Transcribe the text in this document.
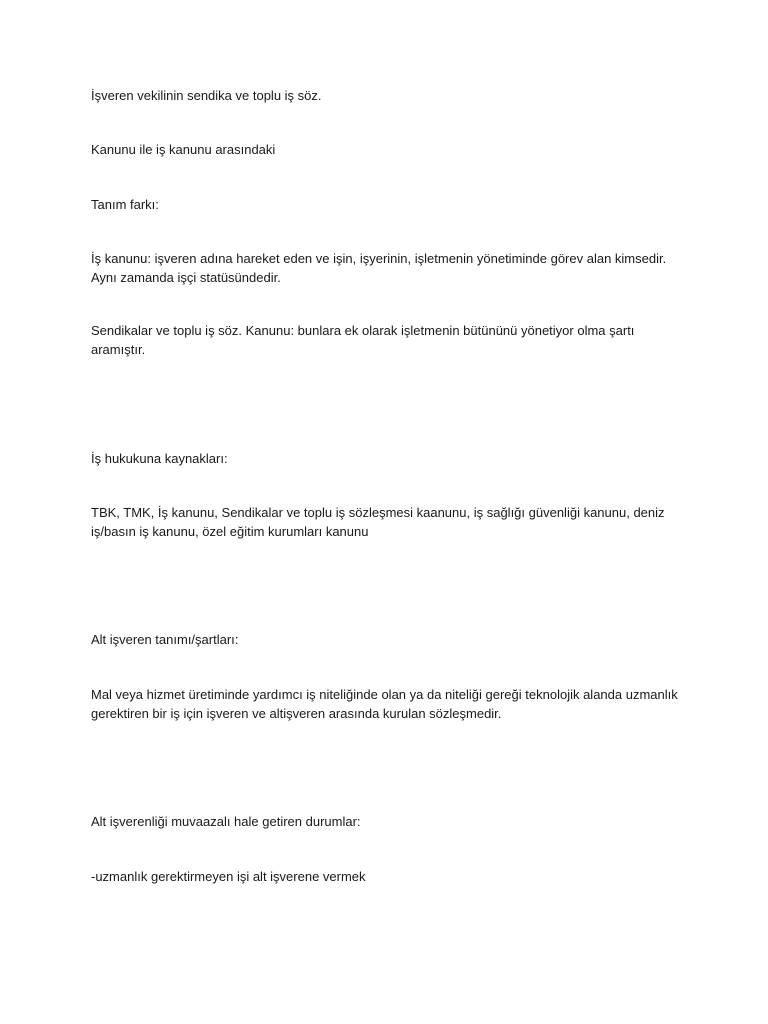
İşveren vekilinin sendika ve toplu iş söz.

Kanunu ile iş kanunu arasındaki

Tanım farkı:

İş kanunu: işveren adına hareket eden ve işin, işyerinin, işletmenin yönetiminde görev alan kimsedir. Aynı zamanda işçi statüsündedir.

Sendikalar ve toplu iş söz. Kanunu: bunlara ek olarak işletmenin bütününü yönetiyor olma şartı aramıştır.

İş hukukuna kaynakları:

TBK, TMK, İş kanunu, Sendikalar ve toplu iş sözleşmesi kaanunu, iş sağlığı güvenliği kanunu, deniz iş/basın iş kanunu, özel eğitim kurumları kanunu

Alt işveren tanımı/şartları:

Mal veya hizmet üretiminde yardımcı iş niteliğinde olan ya da niteliği gereği teknolojik alanda uzmanlık gerektiren bir iş için işveren ve altişveren arasında kurulan sözleşmedir.

Alt işverenliği muvaazalı hale getiren durumlar:

-uzmanlık gerektirmeyen işi alt işverene vermek
